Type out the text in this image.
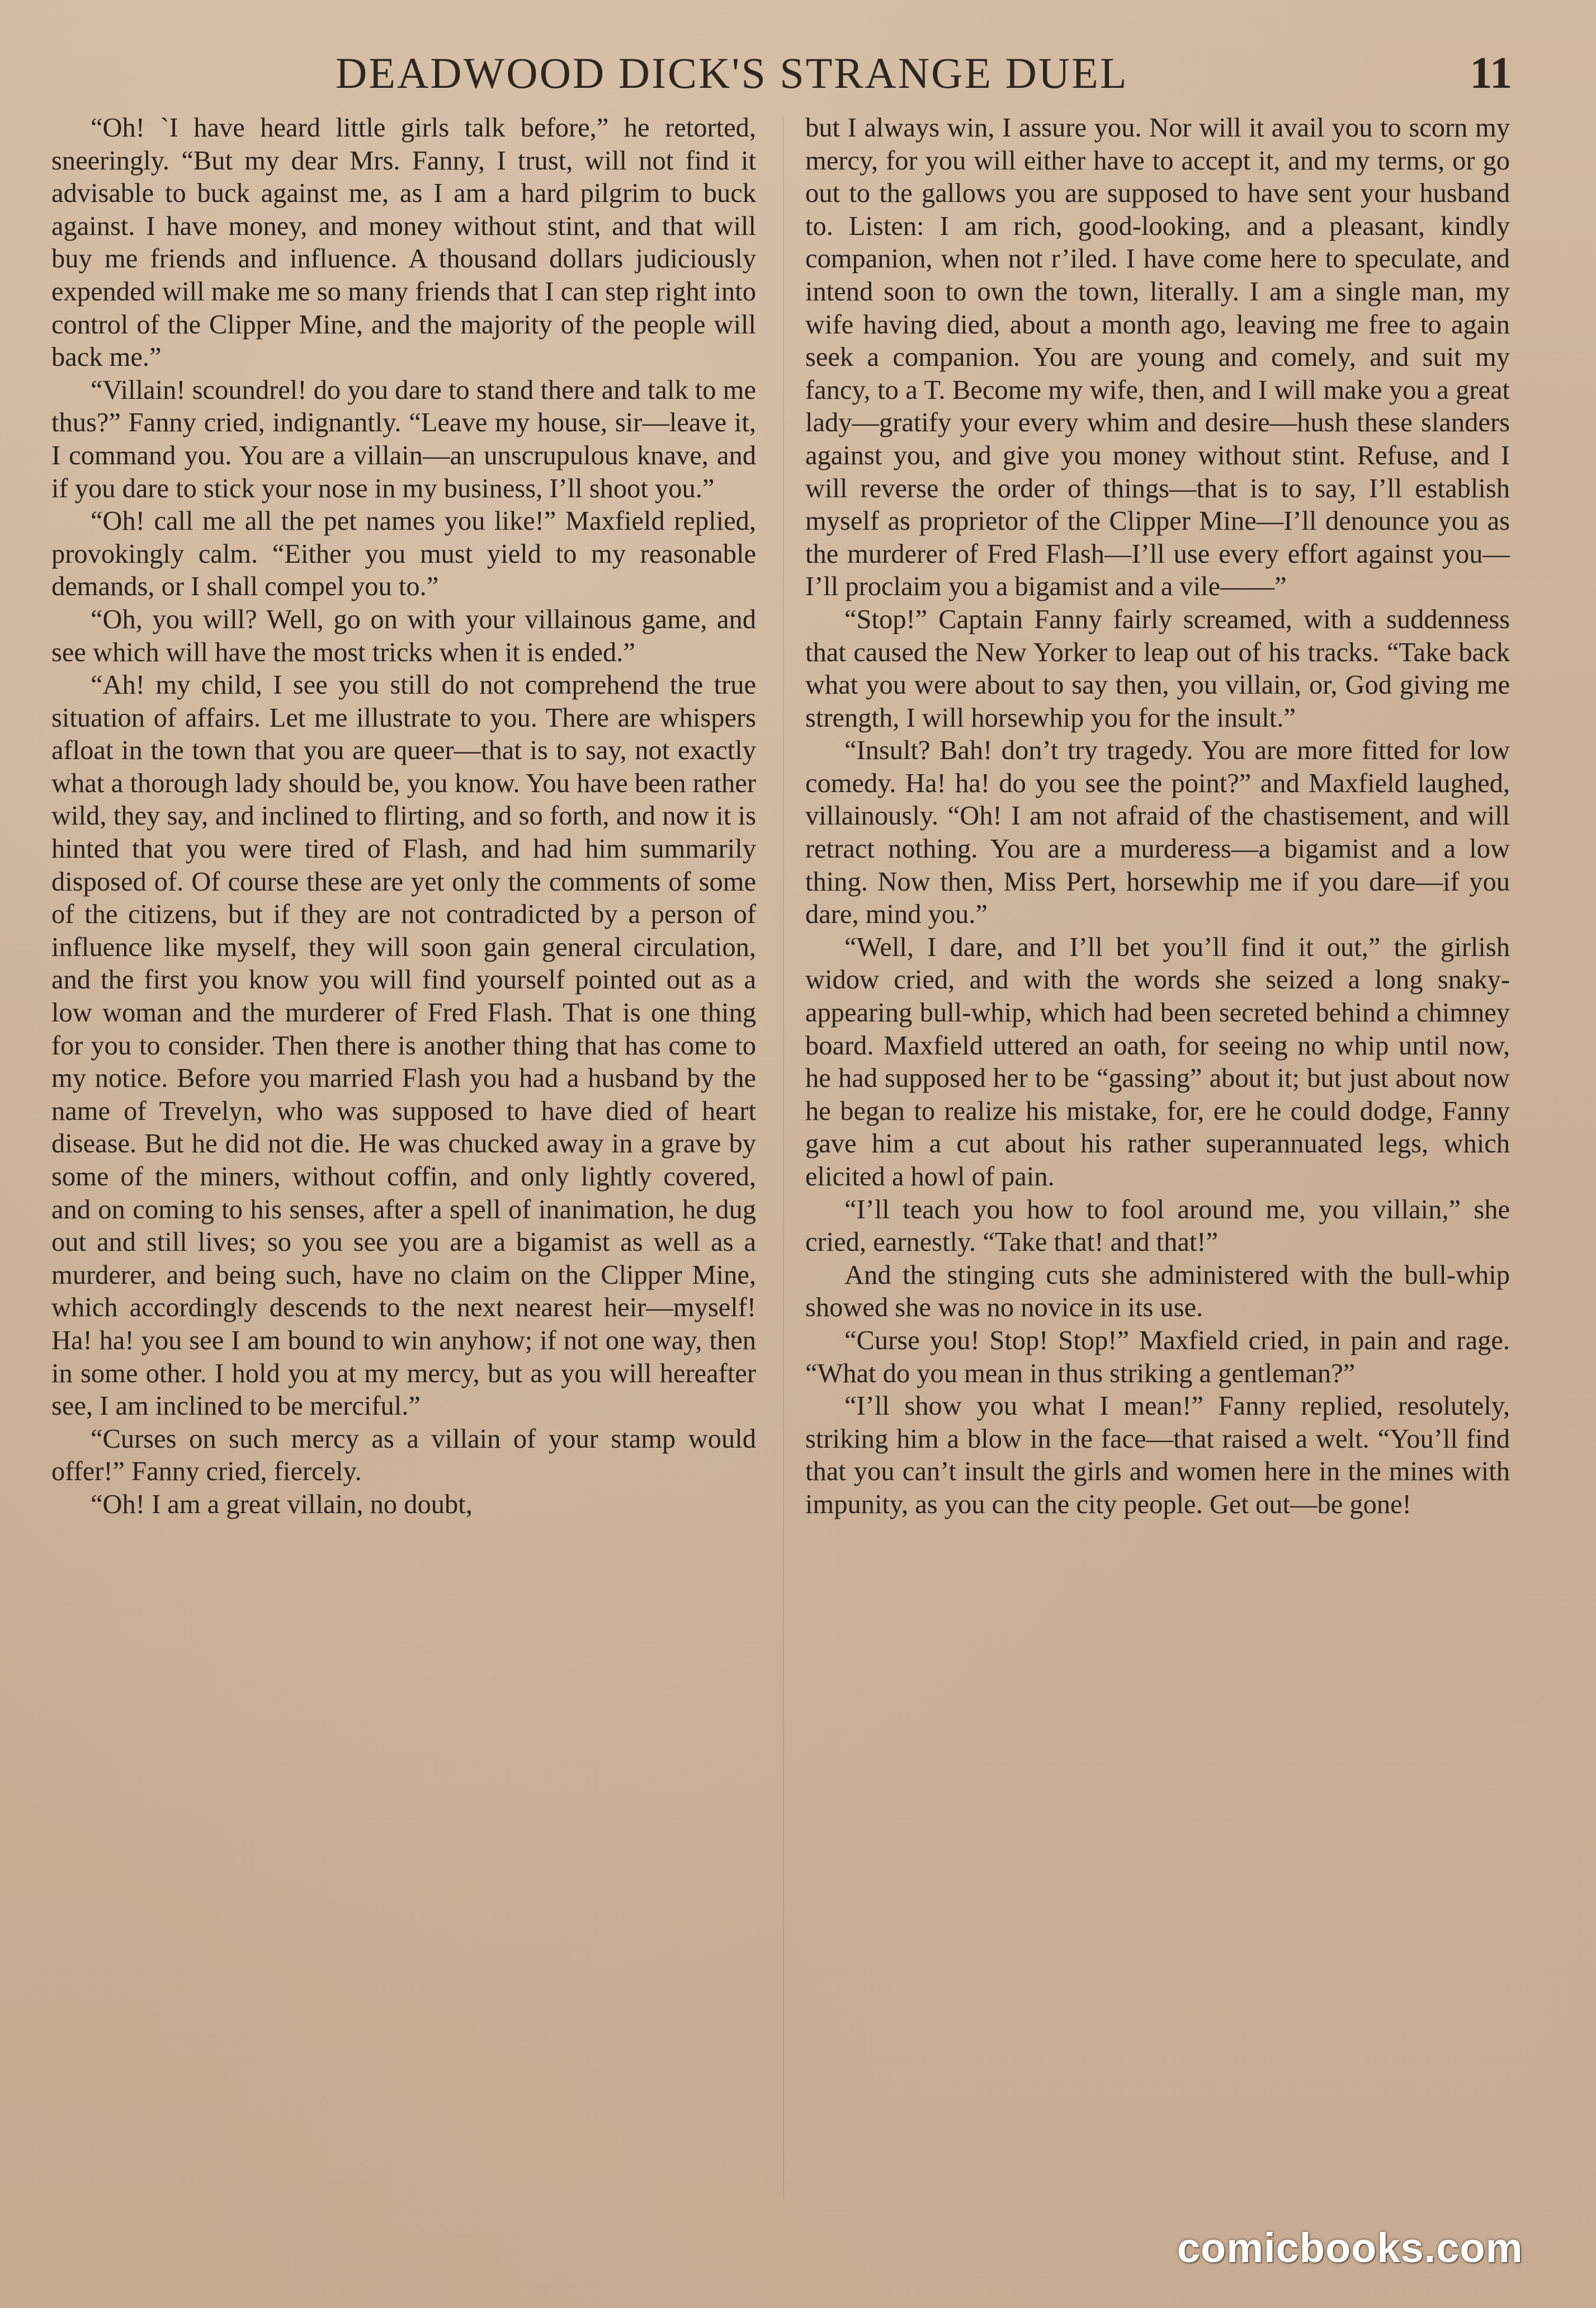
DEADWOOD DICK'S STRANGE DUEL	11

“Oh! `I have heard little girls talk before,” he retorted, sneeringly. “But my dear Mrs. Fanny, I trust, will not find it advisable to buck against me, as I am a hard pilgrim to buck against. I have money, and money without stint, and that will buy me friends and influence. A thousand dollars judiciously expended will make me so many friends that I can step right into control of the Clipper Mine, and the majority of the people will back me.”

“Villain! scoundrel! do you dare to stand there and talk to me thus?” Fanny cried, indignantly. “Leave my house, sir—leave it, I command you. You are a villain—an unscrupulous knave, and if you dare to stick your nose in my business, I’ll shoot you.”

“Oh! call me all the pet names you like!” Maxfield replied, provokingly calm. “Either you must yield to my reasonable demands, or I shall compel you to.”

“Oh, you will? Well, go on with your villainous game, and see which will have the most tricks when it is ended.”

“Ah! my child, I see you still do not comprehend the true situation of affairs. Let me illustrate to you. There are whispers afloat in the town that you are queer—that is to say, not exactly what a thorough lady should be, you know. You have been rather wild, they say, and inclined to flirting, and so forth, and now it is hinted that you were tired of Flash, and had him summarily disposed of. Of course these are yet only the comments of some of the citizens, but if they are not contradicted by a person of influence like myself, they will soon gain general circulation, and the first you know you will find yourself pointed out as a low woman and the murderer of Fred Flash. That is one thing for you to consider. Then there is another thing that has come to my notice. Before you married Flash you had a husband by the name of Trevelyn, who was supposed to have died of heart disease. But he did not die. He was chucked away in a grave by some of the miners, without coffin, and only lightly covered, and on coming to his senses, after a spell of inanimation, he dug out and still lives; so you see you are a bigamist as well as a murderer, and being such, have no claim on the Clipper Mine, which accordingly descends to the next nearest heir—myself! Ha! ha! you see I am bound to win anyhow; if not one way, then in some other. I hold you at my mercy, but as you will hereafter see, I am inclined to be merciful.”

“Curses on such mercy as a villain of your stamp would offer!” Fanny cried, fiercely.

“Oh! I am a great villain, no doubt,

but I always win, I assure you. Nor will it avail you to scorn my mercy, for you will either have to accept it, and my terms, or go out to the gallows you are supposed to have sent your husband to. Listen: I am rich, good-looking, and a pleasant, kindly companion, when not r’iled. I have come here to speculate, and intend soon to own the town, literally. I am a single man, my wife having died, about a month ago, leaving me free to again seek a companion. You are young and comely, and suit my fancy, to a T. Become my wife, then, and I will make you a great lady—gratify your every whim and desire—hush these slanders against you, and give you money without stint. Refuse, and I will reverse the order of things—that is to say, I’ll establish myself as proprietor of the Clipper Mine—I’ll denounce you as the murderer of Fred Flash—I’ll use every effort against you—I’ll proclaim you a bigamist and a vile——”

“Stop!” Captain Fanny fairly screamed, with a suddenness that caused the New Yorker to leap out of his tracks. “Take back what you were about to say then, you villain, or, God giving me strength, I will horsewhip you for the insult.”

“Insult? Bah! don’t try tragedy. You are more fitted for low comedy. Ha! ha! do you see the point?” and Maxfield laughed, villainously. “Oh! I am not afraid of the chastisement, and will retract nothing. You are a murderess—a bigamist and a low thing. Now then, Miss Pert, horsewhip me if you dare—if you dare, mind you.”

“Well, I dare, and I’ll bet you’ll find it out,” the girlish widow cried, and with the words she seized a long snaky-appearing bull-whip, which had been secreted behind a chimney board. Maxfield uttered an oath, for seeing no whip until now, he had supposed her to be “gassing” about it; but just about now he began to realize his mistake, for, ere he could dodge, Fanny gave him a cut about his rather superannuated legs, which elicited a howl of pain.

“I’ll teach you how to fool around me, you villain,” she cried, earnestly. “Take that! and that!”

And the stinging cuts she administered with the bull-whip showed she was no novice in its use.

“Curse you! Stop! Stop!” Maxfield cried, in pain and rage. “What do you mean in thus striking a gentleman?”

“I’ll show you what I mean!” Fanny replied, resolutely, striking him a blow in the face—that raised a welt. “You’ll find that you can’t insult the girls and women here in the mines with impunity, as you can the city people. Get out—be gone!

comicbooks.com
